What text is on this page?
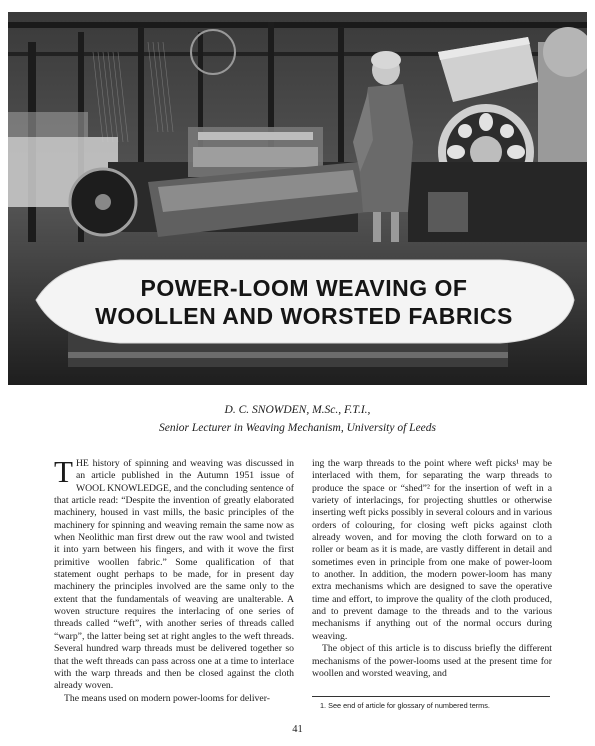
POWER-LOOM WEAVING OF
WOOLLEN AND WORSTED FABRICS
D. C. SNOWDEN, M.Sc., F.T.I.,
Senior Lecturer in Weaving Mechanism, University of Leeds

THE history of spinning and weaving was discussed in an article published in the Autumn 1951 issue of WOOL KNOWLEDGE, and the concluding sentence of that article read: “Despite the invention of greatly elaborated machinery, housed in vast mills, the basic principles of the machinery for spinning and weaving remain the same now as when Neolithic man first drew out the raw wool and twisted it into yarn between his fingers, and with it wove the first primitive woollen fabric.” Some qualification of that statement ought perhaps to be made, for in present day machinery the principles involved are the same only to the extent that the fundamentals of weaving are unalterable. A woven structure requires the interlacing of one series of threads called “weft”, with another series of threads called “warp”, the latter being set at right angles to the weft threads. Several hundred warp threads must be delivered together so that the weft threads can pass across one at a time to interlace with the warp threads and then be closed against the cloth already woven.

The means used on modern power-looms for deliver-

ing the warp threads to the point where weft picks¹ may be interlaced with them, for separating the warp threads to produce the space or “shed”² for the insertion of weft in a variety of interlacings, for projecting shuttles or otherwise inserting weft picks possibly in several colours and in various orders of colouring, for closing weft picks against cloth already woven, and for moving the cloth forward on to a roller or beam as it is made, are vastly different in detail and sometimes even in principle from one make of power-loom to another. In addition, the modern power-loom has many extra mechanisms which are designed to save the operative time and effort, to improve the quality of the cloth produced, and to prevent damage to the threads and to the various mechanisms if anything out of the normal occurs during weaving.

The object of this article is to discuss briefly the different mechanisms of the power-looms used at the present time for woollen and worsted weaving, and

1. See end of article for glossary of numbered terms.
41
